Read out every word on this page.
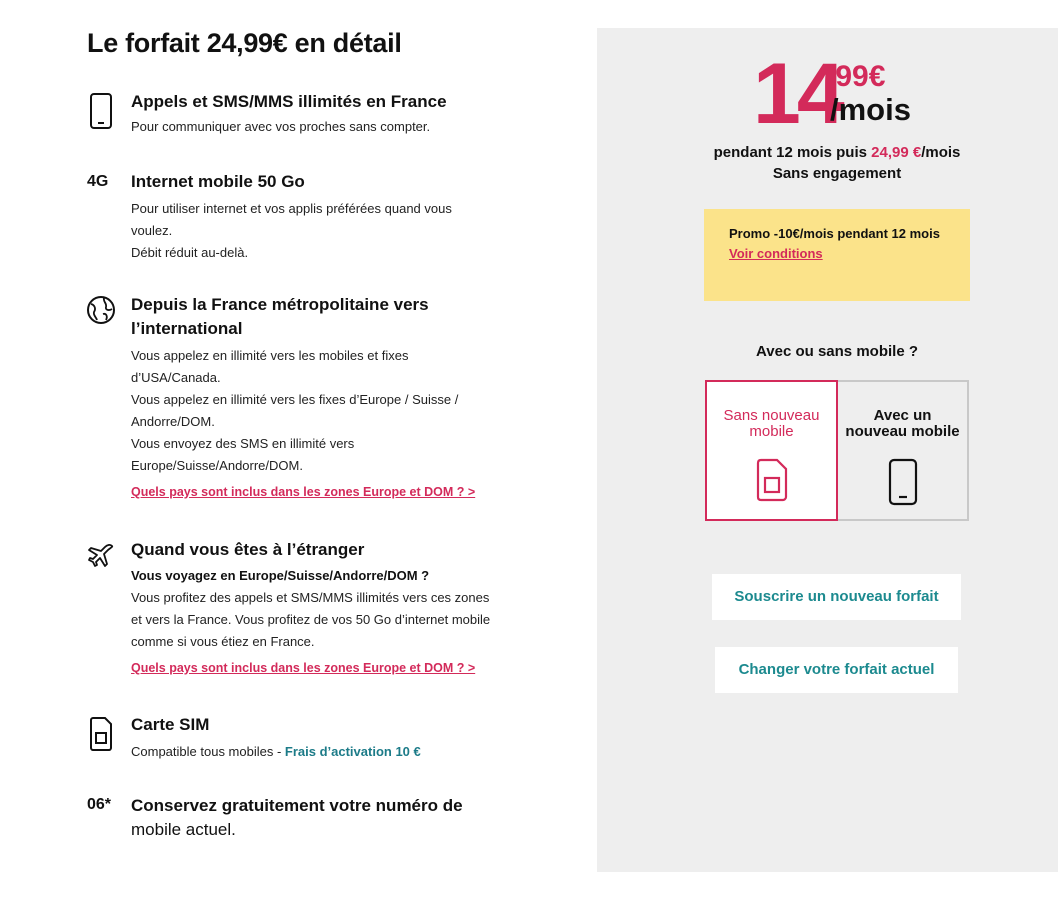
Le forfait 24,99€ en détail
Appels et SMS/MMS illimités en France
Pour communiquer avec vos proches sans compter.
4G Internet mobile 50 Go
Pour utiliser internet et vos applis préférées quand vous
voulez.
Débit réduit au-delà.
Depuis la France métropolitaine vers
l’international
Vous appelez en illimité vers les mobiles et fixes
d’USA/Canada.
Vous appelez en illimité vers les fixes d’Europe / Suisse /
Andorre/DOM.
Vous envoyez des SMS en illimité vers
Europe/Suisse/Andorre/DOM.
Quels pays sont inclus dans les zones Europe et DOM ? >
Quand vous êtes à l’étranger
Vous voyagez en Europe/Suisse/Andorre/DOM ?
Vous profitez des appels et SMS/MMS illimités vers ces zones
et vers la France. Vous profitez de vos 50 Go d’internet mobile
comme si vous étiez en France.
Quels pays sont inclus dans les zones Europe et DOM ? >
Carte SIM
Compatible tous mobiles - Frais d’activation 10 €
06* Conservez gratuitement votre numéro de
mobile actuel.
14
,99€
/mois
pendant 12 mois puis 24,99 €/mois
Sans engagement
Promo -10€/mois pendant 12 mois
Voir conditions
Avec ou sans mobile ?
Sans nouveau mobile
Avec un nouveau mobile
Souscrire un nouveau forfait
Changer votre forfait actuel
